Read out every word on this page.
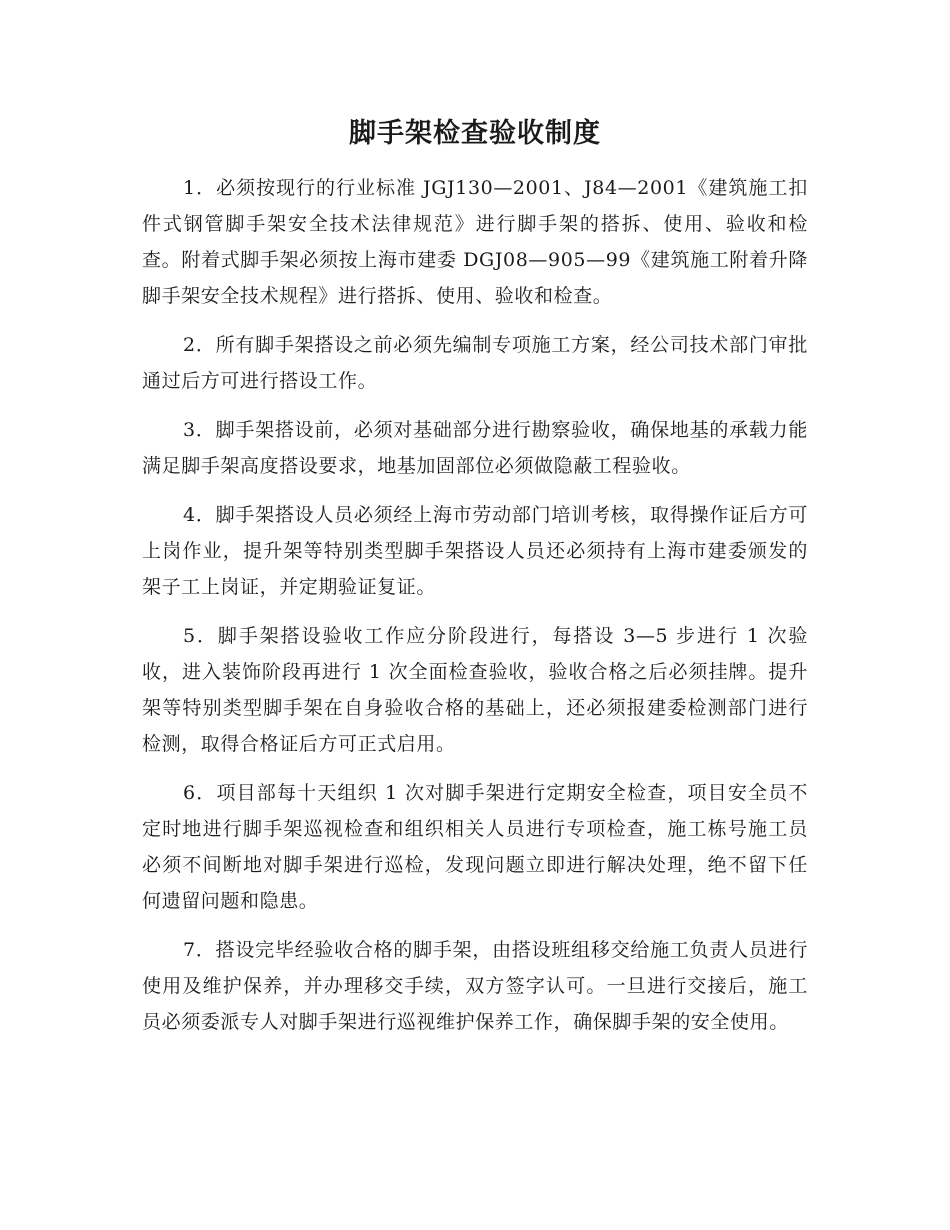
脚手架检查验收制度

1．必须按现行的行业标准 JGJ130—2001、J84—2001《建筑施工扣件式钢管脚手架安全技术法律规范》进行脚手架的搭拆、使用、验收和检查。附着式脚手架必须按上海市建委 DGJ08—905—99《建筑施工附着升降脚手架安全技术规程》进行搭拆、使用、验收和检查。

2．所有脚手架搭设之前必须先编制专项施工方案，经公司技术部门审批通过后方可进行搭设工作。

3．脚手架搭设前，必须对基础部分进行勘察验收，确保地基的承载力能满足脚手架高度搭设要求，地基加固部位必须做隐蔽工程验收。

4．脚手架搭设人员必须经上海市劳动部门培训考核，取得操作证后方可上岗作业，提升架等特别类型脚手架搭设人员还必须持有上海市建委颁发的架子工上岗证，并定期验证复证。

5．脚手架搭设验收工作应分阶段进行，每搭设 3—5 步进行 1 次验收，进入装饰阶段再进行 1 次全面检查验收，验收合格之后必须挂牌。提升架等特别类型脚手架在自身验收合格的基础上，还必须报建委检测部门进行检测，取得合格证后方可正式启用。

6．项目部每十天组织 1 次对脚手架进行定期安全检查，项目安全员不定时地进行脚手架巡视检查和组织相关人员进行专项检查，施工栋号施工员必须不间断地对脚手架进行巡检，发现问题立即进行解决处理，绝不留下任何遗留问题和隐患。

7．搭设完毕经验收合格的脚手架，由搭设班组移交给施工负责人员进行使用及维护保养，并办理移交手续，双方签字认可。一旦进行交接后，施工员必须委派专人对脚手架进行巡视维护保养工作，确保脚手架的安全使用。
